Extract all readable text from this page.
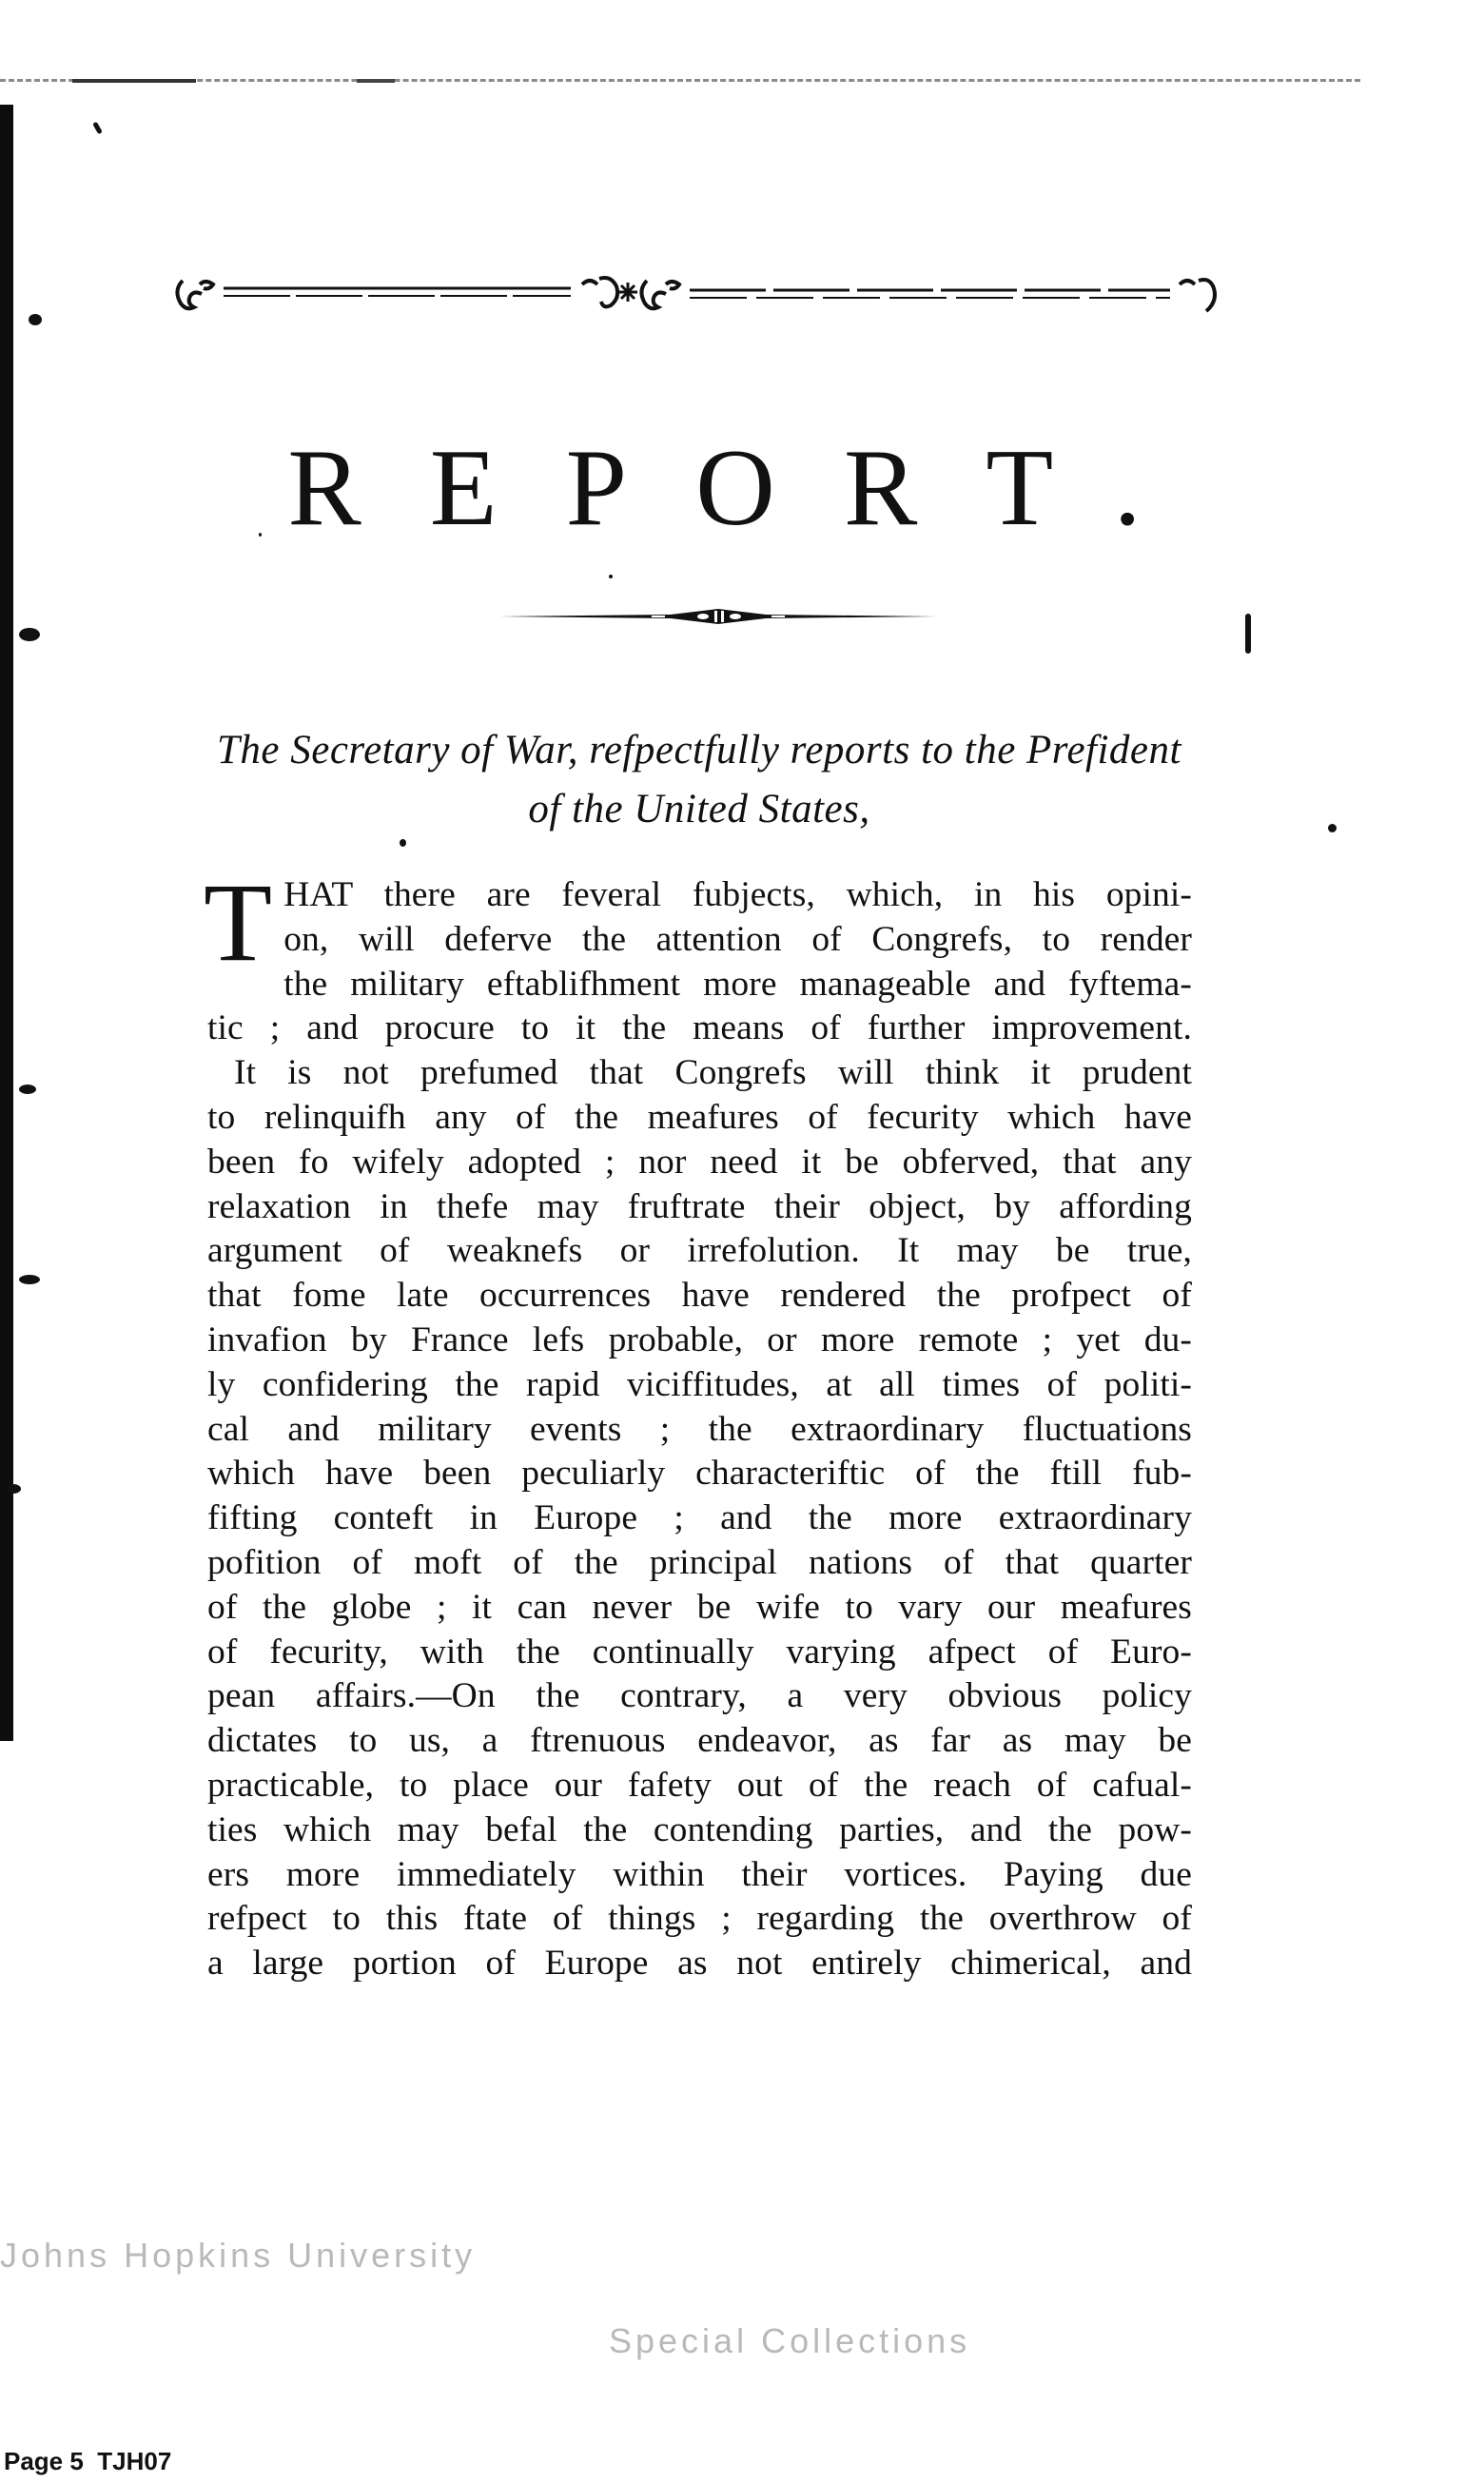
REPORT.
The Secretary of War, refpectfully reports to the Prefident
of the United States,
T HAT there are feveral fubjects, which, in his opini-
on, will deferve the attention of Congrefs, to render
the military eftablifhment more manageable and fyftema-
tic ; and procure to it the means of further improvement.
It is not prefumed that Congrefs will think it prudent
to relinquifh any of the meafures of fecurity which have
been fo wifely adopted ; nor need it be obferved, that any
relaxation in thefe may fruftrate their object, by affording
argument of weaknefs or irrefolution. It may be true,
that fome late occurrences have rendered the profpect of
invafion by France lefs probable, or more remote ; yet du-
ly confidering the rapid viciffitudes, at all times of politi-
cal and military events ; the extraordinary fluctuations
which have been peculiarly characteriftic of the ftill fub-
fifting conteft in Europe ; and the more extraordinary
pofition of moft of the principal nations of that quarter
of the globe ; it can never be wife to vary our meafures
of fecurity, with the continually varying afpect of Euro-
pean affairs.—On the contrary, a very obvious policy
dictates to us, a ftrenuous endeavor, as far as may be
practicable, to place our fafety out of the reach of cafual-
ties which may befal the contending parties, and the pow-
ers more immediately within their vortices. Paying due
refpect to this ftate of things ; regarding the overthrow of
a large portion of Europe as not entirely chimerical, and
Johns Hopkins University
Special Collections
Page 5 TJH07
